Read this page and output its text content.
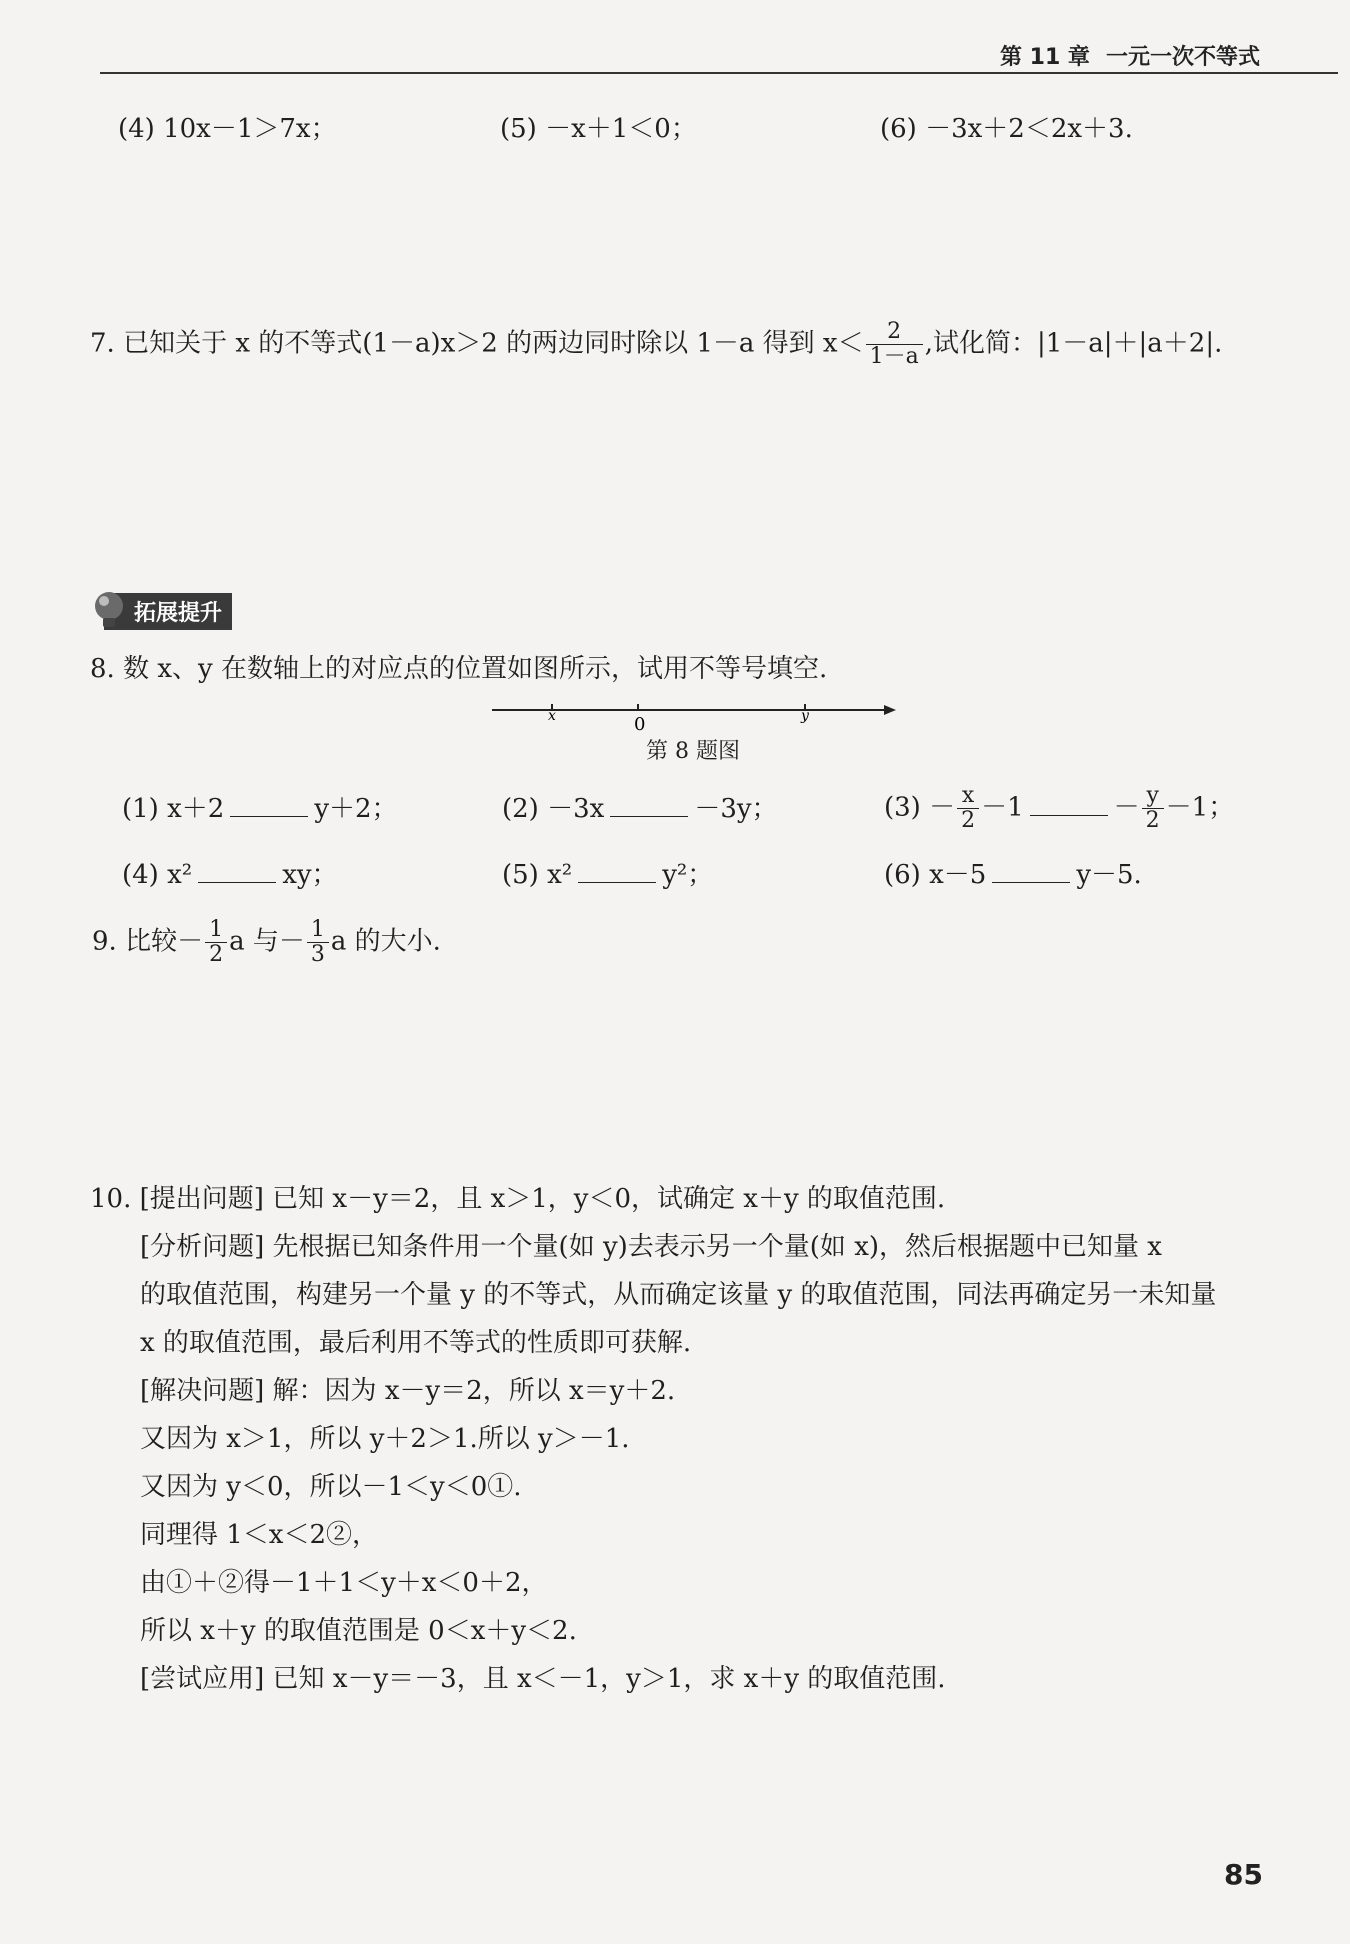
第 11 章 一元一次不等式
(4) 10x－1＞7x；	(5) －x＋1＜0；	(6) －3x＋2＜2x＋3.
7. 已知关于 x 的不等式(1－a)x＞2 的两边同时除以 1－a 得到 $x< \frac{2}{1-a}$ ,试化简：|1－a|＋|a＋2|.
拓展提升
8. 数 x、y 在数轴上的对应点的位置如图所示，试用不等号填空.
x	0	y
第 8 题图
(1) x＋2	y＋2；	(2) －3x	－3y；	$(3) - \frac{x}{2} -1$	－ $\frac{y}{2} -1$；
(4) x²	xy；	(5) x²	y²；	(6) x－5	y－5.
9. 比较－ $\frac{1}{2}$ a 与－ $\frac{1}{3}$ a 的大小.
10. [提出问题] 已知 x－y＝2，且 x＞1，y＜0，试确定 x＋y 的取值范围.
[分析问题] 先根据已知条件用一个量(如 y)去表示另一个量(如 x)，然后根据题中已知量 x
的取值范围，构建另一个量 y 的不等式，从而确定该量 y 的取值范围，同法再确定另一未知量
x 的取值范围，最后利用不等式的性质即可获解.
[解决问题] 解：因为 x－y＝2，所以 x＝y＋2.
又因为 x＞1，所以 y＋2＞1.所以 y＞－1.
又因为 y＜0，所以－1＜y＜0①.
同理得 1＜x＜2②，
由①＋②得－1＋1＜y＋x＜0＋2，
所以 x＋y 的取值范围是 0＜x＋y＜2.
[尝试应用] 已知 x－y＝－3，且 x＜－1，y＞1，求 x＋y 的取值范围.
85
